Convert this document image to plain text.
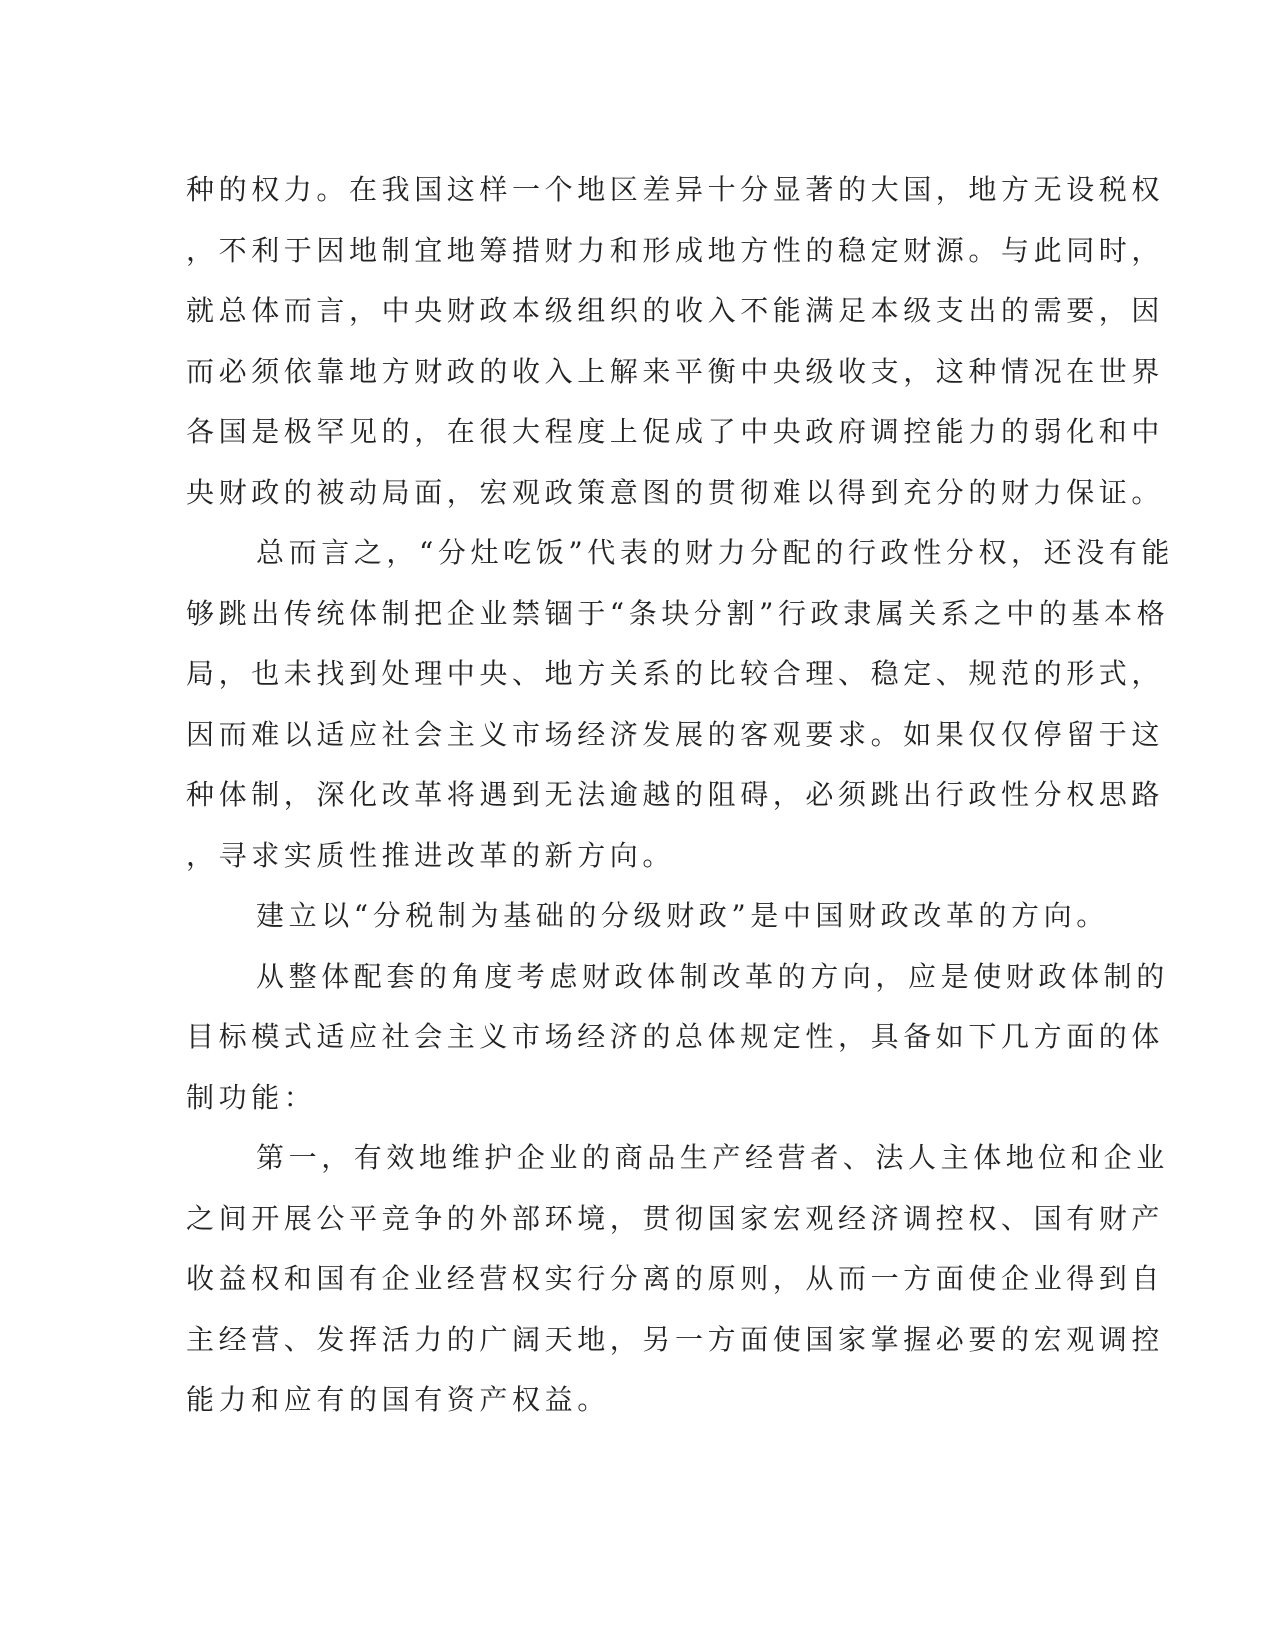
种的权力。在我国这样一个地区差异十分显著的大国，地方无设税权
，不利于因地制宜地筹措财力和形成地方性的稳定财源。与此同时，
就总体而言，中央财政本级组织的收入不能满足本级支出的需要，因
而必须依靠地方财政的收入上解来平衡中央级收支，这种情况在世界
各国是极罕见的，在很大程度上促成了中央政府调控能力的弱化和中
央财政的被动局面，宏观政策意图的贯彻难以得到充分的财力保证。
总而言之，“分灶吃饭”代表的财力分配的行政性分权，还没有能
够跳出传统体制把企业禁锢于“条块分割”行政隶属关系之中的基本格
局，也未找到处理中央、地方关系的比较合理、稳定、规范的形式，
因而难以适应社会主义市场经济发展的客观要求。如果仅仅停留于这
种体制，深化改革将遇到无法逾越的阻碍，必须跳出行政性分权思路
，寻求实质性推进改革的新方向。
建立以“分税制为基础的分级财政”是中国财政改革的方向。
从整体配套的角度考虑财政体制改革的方向，应是使财政体制的
目标模式适应社会主义市场经济的总体规定性，具备如下几方面的体
制功能：
第一，有效地维护企业的商品生产经营者、法人主体地位和企业
之间开展公平竞争的外部环境，贯彻国家宏观经济调控权、国有财产
收益权和国有企业经营权实行分离的原则，从而一方面使企业得到自
主经营、发挥活力的广阔天地，另一方面使国家掌握必要的宏观调控
能力和应有的国有资产权益。
